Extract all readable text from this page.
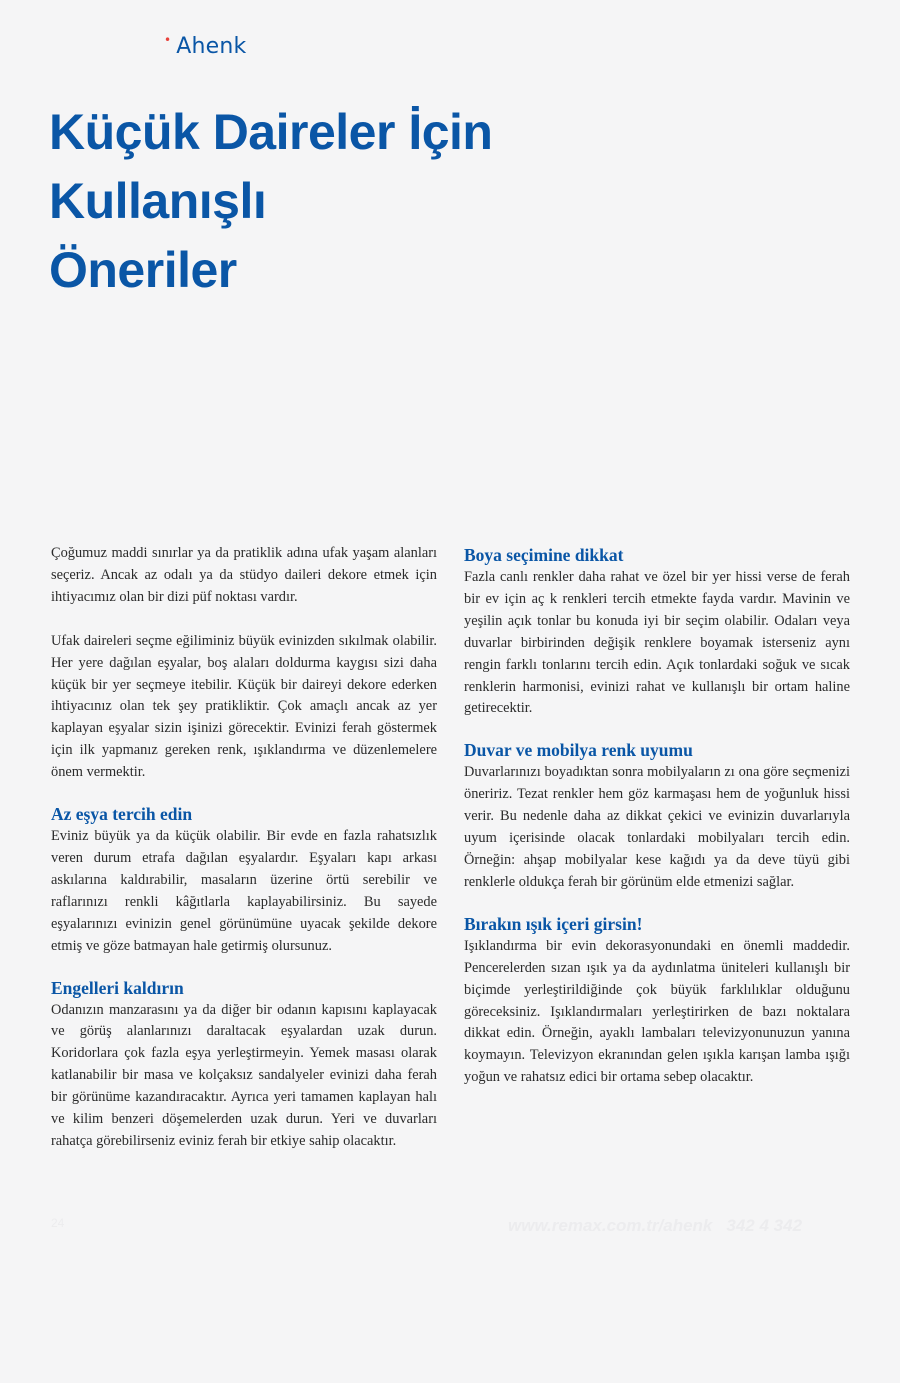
• Ahenk
Küçük Daireler İçin
Kullanışlı
Öneriler

Çoğumuz maddi sınırlar ya da pratiklik adına ufak yaşam alanları seçeriz. Ancak az odalı ya da stüdyo daileri dekore etmek için ihtiyacımız olan bir dizi püf noktası vardır.

Ufak daireleri seçme eğiliminiz büyük evinizden sıkılmak olabilir. Her yere dağılan eşyalar, boş alaları doldurma kaygısı sizi daha küçük bir yer seçmeye itebilir. Küçük bir daireyi dekore ederken ihtiyacınız olan tek şey pratikliktir. Çok amaçlı ancak az yer kaplayan eşyalar sizin işinizi görecektir. Evinizi ferah göstermek için ilk yapmanız gereken renk, ışıklandırma ve düzenlemelere önem vermektir.

Az eşya tercih edin

Eviniz büyük ya da küçük olabilir. Bir evde en fazla rahatsızlık veren durum etrafa dağılan eşyalardır. Eşyaları kapı arkası askılarına kaldırabilir, masaların üzerine örtü serebilir ve raflarınızı renkli kâğıtlarla kaplayabilirsiniz. Bu sayede eşyalarınızı evinizin genel görünümüne uyacak şekilde dekore etmiş ve göze batmayan hale getirmiş olursunuz.

Engelleri kaldırın

Odanızın manzarasını ya da diğer bir odanın kapısını kaplayacak ve görüş alanlarınızı daraltacak eşyalardan uzak durun. Koridorlara çok fazla eşya yerleştirmeyin. Yemek masası olarak katlanabilir bir masa ve kolçaksız sandalyeler evinizi daha ferah bir görünüme kazandıracaktır. Ayrıca yeri tamamen kaplayan halı ve kilim benzeri döşemelerden uzak durun. Yeri ve duvarları rahatça görebilirseniz eviniz ferah bir etkiye sahip olacaktır.

Boya seçimine dikkat

Fazla canlı renkler daha rahat ve özel bir yer hissi verse de ferah bir ev için aç k renkleri tercih etmekte fayda vardır. Mavinin ve yeşilin açık tonlar bu konuda iyi bir seçim olabilir. Odaları veya duvarlar birbirinden değişik renklere boyamak isterseniz aynı rengin farklı tonlarını tercih edin. Açık tonlardaki soğuk ve sıcak renklerin harmonisi, evinizi rahat ve kullanışlı bir ortam haline getirecektir.

Duvar ve mobilya renk uyumu

Duvarlarınızı boyadıktan sonra mobilyaların zı ona göre seçmenizi öneririz. Tezat renkler hem göz karmaşası hem de yoğunluk hissi verir. Bu nedenle daha az dikkat çekici ve evinizin duvarlarıyla uyum içerisinde olacak tonlardaki mobilyaları tercih edin. Örneğin: ahşap mobilyalar kese kağıdı ya da deve tüyü gibi renklerle oldukça ferah bir görünüm elde etmenizi sağlar.

Bırakın ışık içeri girsin!

Işıklandırma bir evin dekorasyonundaki en önemli maddedir. Pencerelerden sızan ışık ya da aydınlatma üniteleri kullanışlı bir biçimde yerleştirildiğinde çok büyük farklılıklar olduğunu göreceksiniz. Işıklandırmaları yerleştirirken de bazı noktalara dikkat edin. Örneğin, ayaklı lambaları televizyonunuzun yanına koymayın. Televizyon ekranından gelen ışıkla karışan lamba ışığı yoğun ve rahatsız edici bir ortama sebep olacaktır.

24	www.remax.com.tr/ahenk 342 4 342
